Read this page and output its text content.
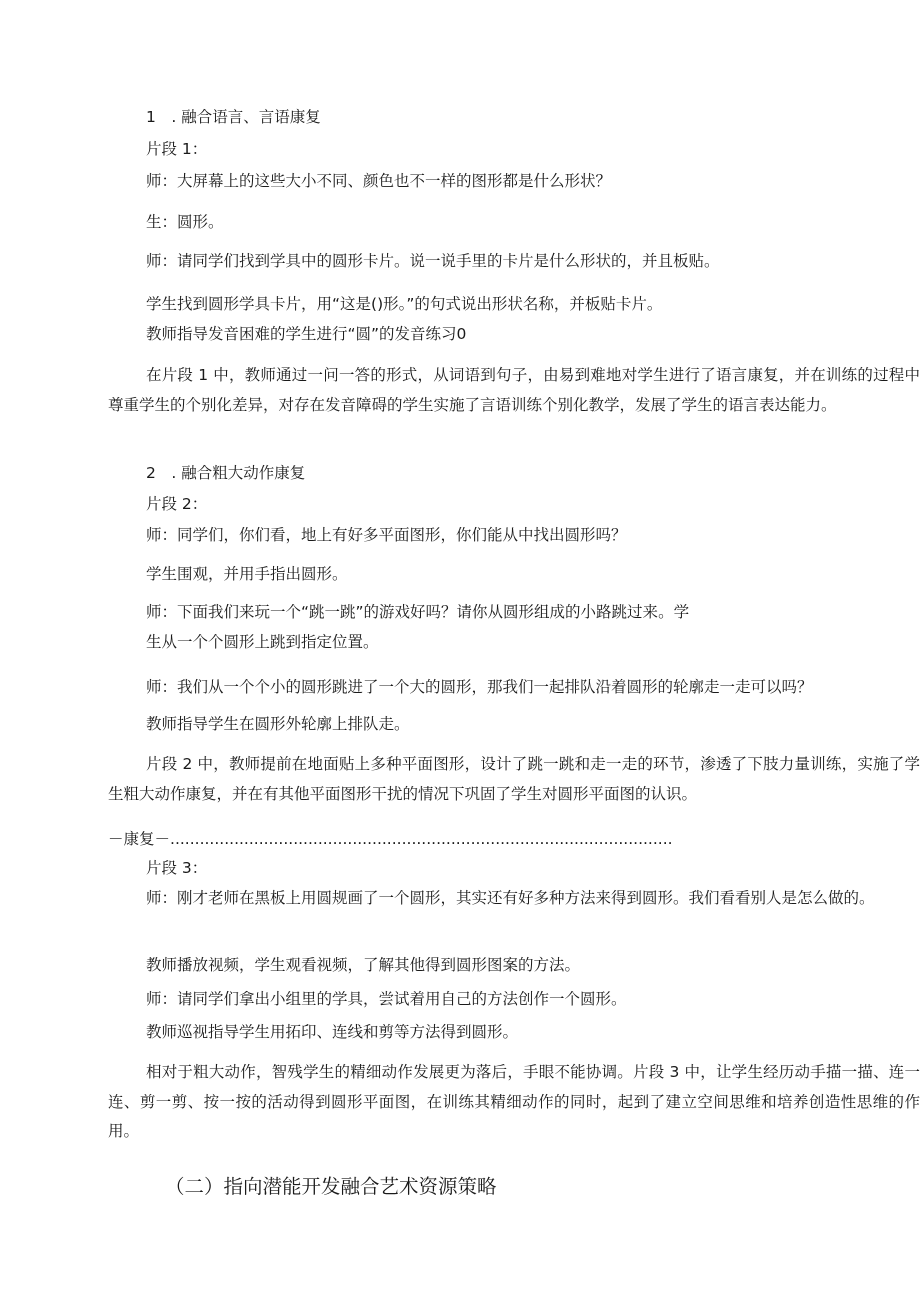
1　. 融合语言、言语康复
片段 1：
师：大屏幕上的这些大小不同、颜色也不一样的图形都是什么形状？
生：圆形。
师：请同学们找到学具中的圆形卡片。说一说手里的卡片是什么形状的，并且板贴。
学生找到圆形学具卡片，用“这是()形。”的句式说出形状名称，并板贴卡片。
教师指导发音困难的学生进行“圆”的发音练习0
在片段 1 中，教师通过一问一答的形式，从词语到句子，由易到难地对学生进行了语言康复，并在训练的过程中尊重学生的个别化差异，对存在发音障碍的学生实施了言语训练个别化教学，发展了学生的语言表达能力。
2　. 融合粗大动作康复
片段 2：
师：同学们，你们看，地上有好多平面图形，你们能从中找出圆形吗？
学生围观，并用手指出圆形。
师：下面我们来玩一个“跳一跳”的游戏好吗？请你从圆形组成的小路跳过来。学
生从一个个圆形上跳到指定位置。
师：我们从一个个小的圆形跳进了一个大的圆形，那我们一起排队沿着圆形的轮廓走一走可以吗？
教师指导学生在圆形外轮廓上排队走。
片段 2 中，教师提前在地面贴上多种平面图形，设计了跳一跳和走一走的环节，渗透了下肢力量训练，实施了学生粗大动作康复，并在有其他平面图形干扰的情况下巩固了学生对圆形平面图的认识。
－康复－......................................................................................................
片段 3：
师：刚才老师在黑板上用圆规画了一个圆形，其实还有好多种方法来得到圆形。我们看看别人是怎么做的。
教师播放视频，学生观看视频，了解其他得到圆形图案的方法。
师：请同学们拿出小组里的学具，尝试着用自己的方法创作一个圆形。
教师巡视指导学生用拓印、连线和剪等方法得到圆形。
相对于粗大动作，智残学生的精细动作发展更为落后，手眼不能协调。片段 3 中，让学生经历动手描一描、连一连、剪一剪、按一按的活动得到圆形平面图，在训练其精细动作的同时，起到了建立空间思维和培养创造性思维的作用。
（二）指向潜能开发融合艺术资源策略
